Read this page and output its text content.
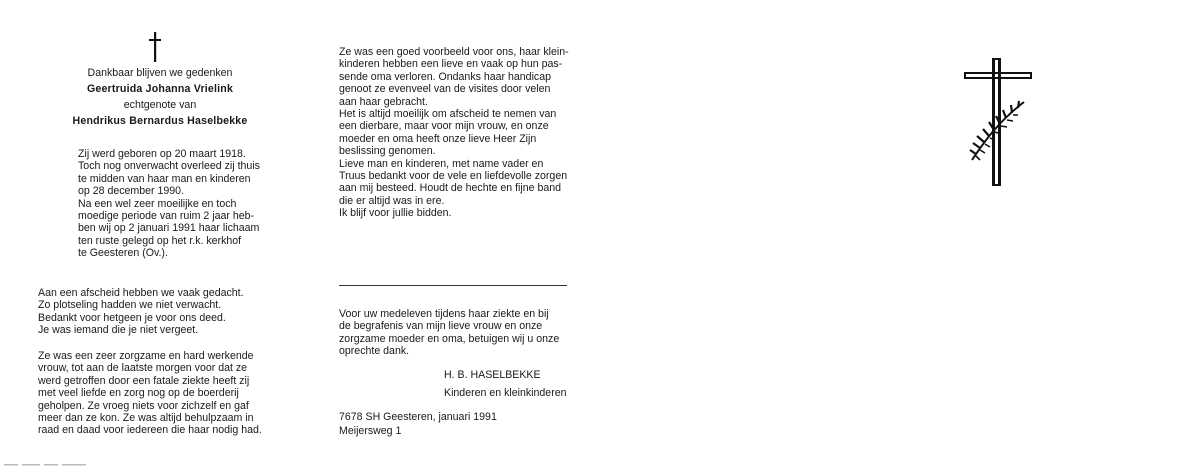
Dankbaar blijven we gedenken
Geertruida Johanna Vrielink
echtgenote van
Hendrikus Bernardus Haselbekke
Zij werd geboren op 20 maart 1918.
Toch nog onverwacht overleed zij thuis
te midden van haar man en kinderen
op 28 december 1990.
Na een wel zeer moeilijke en toch
moedige periode van ruim 2 jaar heb-
ben wij op 2 januari 1991 haar lichaam
ten ruste gelegd op het r.k. kerkhof
te Geesteren (Ov.).
Aan een afscheid hebben we vaak gedacht.
Zo plotseling hadden we niet verwacht.
Bedankt voor hetgeen je voor ons deed.
Je was iemand die je niet vergeet.
Ze was een zeer zorgzame en hard werkende
vrouw, tot aan de laatste morgen voor dat ze
werd getroffen door een fatale ziekte heeft zij
met veel liefde en zorg nog op de boerderij
geholpen. Ze vroeg niets voor zichzelf en gaf
meer dan ze kon. Ze was altijd behulpzaam in
raad en daad voor iedereen die haar nodig had.
Ze was een goed voorbeeld voor ons, haar klein-
kinderen hebben een lieve en vaak op hun pas-
sende oma verloren. Ondanks haar handicap
genoot ze evenveel van de visites door velen
aan haar gebracht.
Het is altijd moeilijk om afscheid te nemen van
een dierbare, maar voor mijn vrouw, en onze
moeder en oma heeft onze lieve Heer Zijn
beslissing genomen.
Lieve man en kinderen, met name vader en
Truus bedankt voor de vele en liefdevolle zorgen
aan mij besteed. Houdt de hechte en fijne band
die er altijd was in ere.
Ik blijf voor jullie bidden.
Voor uw medeleven tijdens haar ziekte en bij
de begrafenis van mijn lieve vrouw en onze
zorgzame moeder en oma, betuigen wij u onze
oprechte dank.
H. B. HASELBEKKE
Kinderen en kleinkinderen
7678 SH Geesteren, januari 1991
Meijersweg 1
